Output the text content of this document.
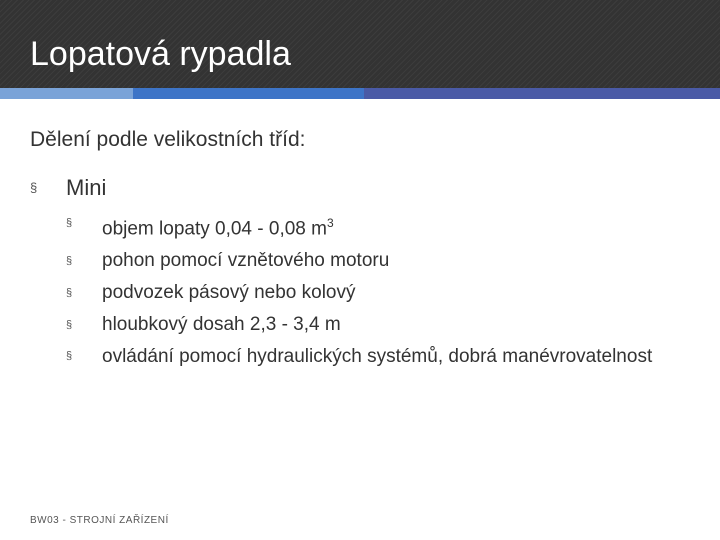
Lopatová rypadla
Dělení podle velikostních tříd:
§ Mini
§ objem lopaty 0,04 - 0,08 $m^3$
§ pohon pomocí vznětového motoru
§ podvozek pásový nebo kolový
§ hloubkový dosah 2,3 - 3,4 m
§ ovládání pomocí hydraulických systémů, dobrá manévrovatelnost
BW03 - STROJNÍ ZAŘÍZENÍ
